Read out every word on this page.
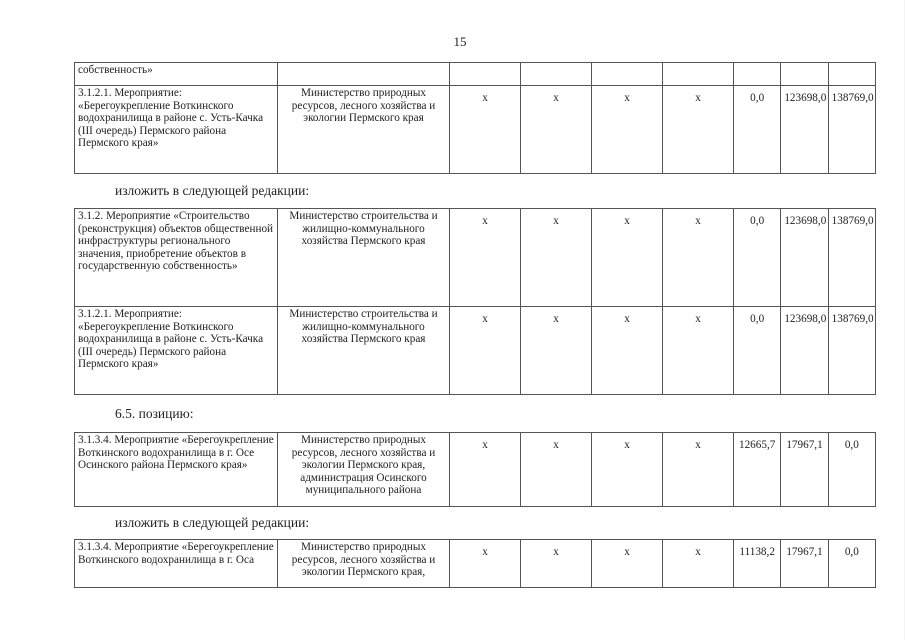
15
собственность»								
3.1.2.1. Мероприятие: «Берегоукрепление Воткинского водохранилища в районе с. Усть-Качка (III очередь) Пермского района Пермского края»	Министерство природных ресурсов, лесного хозяйства и экологии Пермского края	х	х	х	х	0,0	123698,0	138769,0
изложить в следующей редакции:
3.1.2. Мероприятие «Строительство (реконструкция) объектов общественной инфраструктуры регионального значения, приобретение объектов в государственную собственность»	Министерство строительства и жилищно-коммунального хозяйства Пермского края	х	х	х	х	0,0	123698,0	138769,0
3.1.2.1. Мероприятие: «Берегоукрепление Воткинского водохранилища в районе с. Усть-Качка (III очередь) Пермского района Пермского края»	Министерство строительства и жилищно-коммунального хозяйства Пермского края	х	х	х	х	0,0	123698,0	138769,0
6.5. позицию:
3.1.3.4. Мероприятие «Берегоукрепление Воткинского водохранилища в г. Осе Осинского района Пермского края»	Министерство природных ресурсов, лесного хозяйства и экологии Пермского края, администрация Осинского муниципального района	х	х	х	х	12665,7	17967,1	0,0
изложить в следующей редакции:
3.1.3.4. Мероприятие «Берегоукрепление Воткинского водохранилища в г. Оса	Министерство природных ресурсов, лесного хозяйства и экологии Пермского края,	х	х	х	х	11138,2	17967,1	0,0
